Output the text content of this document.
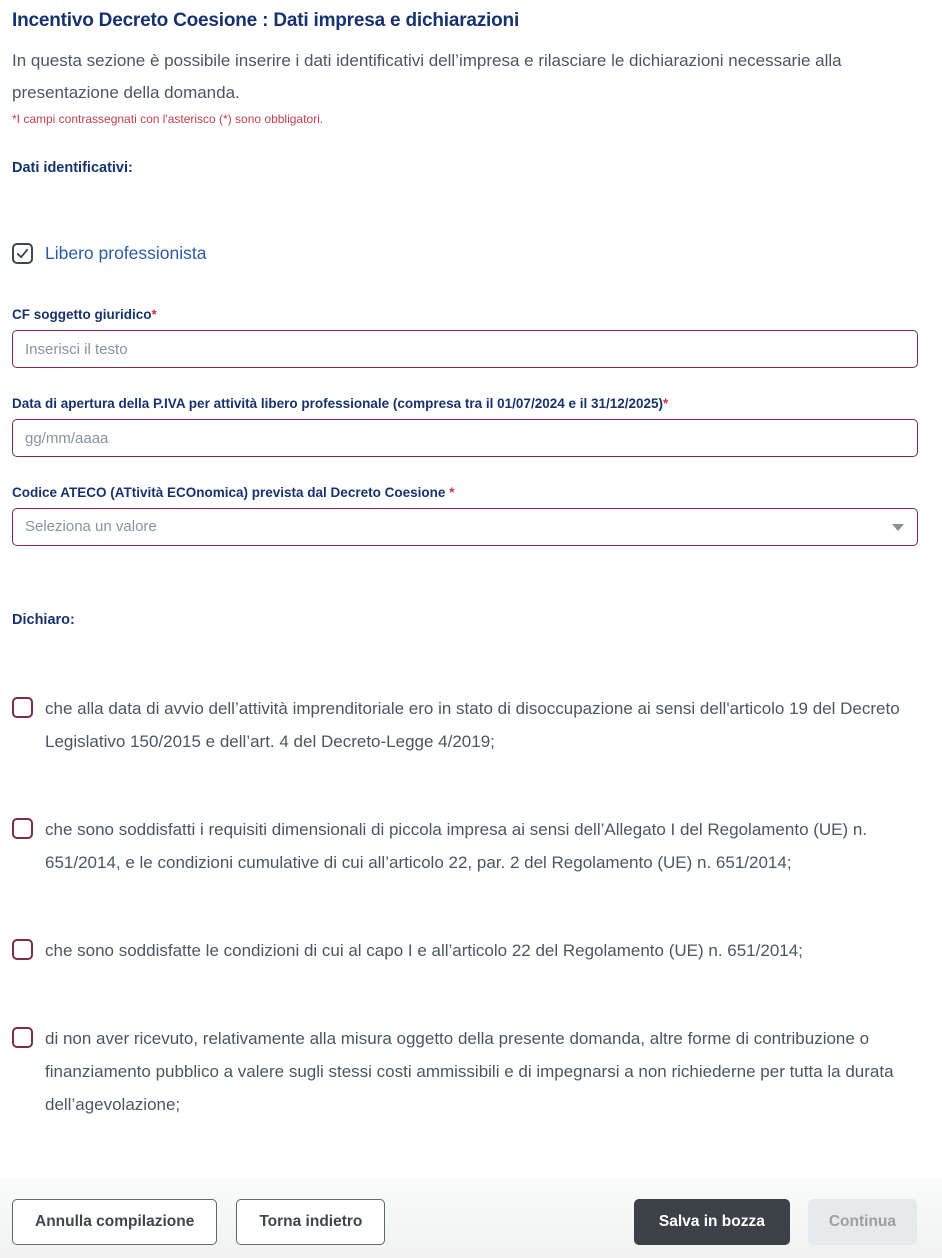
Incentivo Decreto Coesione : Dati impresa e dichiarazioni

In questa sezione è possibile inserire i dati identificativi dell’impresa e rilasciare le dichiarazioni necessarie alla presentazione della domanda.

*I campi contrassegnati con l'asterisco (*) sono obbligatori.

Dati identificativi:
Libero professionista
CF soggetto giuridico*
Inserisci il testo
Data di apertura della P.IVA per attività libero professionale (compresa tra il 01/07/2024 e il 31/12/2025)*
gg/mm/aaaa
Codice ATECO (ATtività ECOnomica) prevista dal Decreto Coesione *
Seleziona un valore
Dichiaro:
che alla data di avvio dell’attività imprenditoriale ero in stato di disoccupazione ai sensi dell'articolo 19 del Decreto Legislativo 150/2015 e dell’art. 4 del Decreto-Legge 4/2019;
che sono soddisfatti i requisiti dimensionali di piccola impresa ai sensi dell’Allegato I del Regolamento (UE) n. 651/2014, e le condizioni cumulative di cui all’articolo 22, par. 2 del Regolamento (UE) n. 651/2014;
che sono soddisfatte le condizioni di cui al capo I e all’articolo 22 del Regolamento (UE) n. 651/2014;
di non aver ricevuto, relativamente alla misura oggetto della presente domanda, altre forme di contribuzione o finanziamento pubblico a valere sugli stessi costi ammissibili e di impegnarsi a non richiederne per tutta la durata dell’agevolazione;
Annulla compilazione	Torna indietro	Salva in bozza	Continua
